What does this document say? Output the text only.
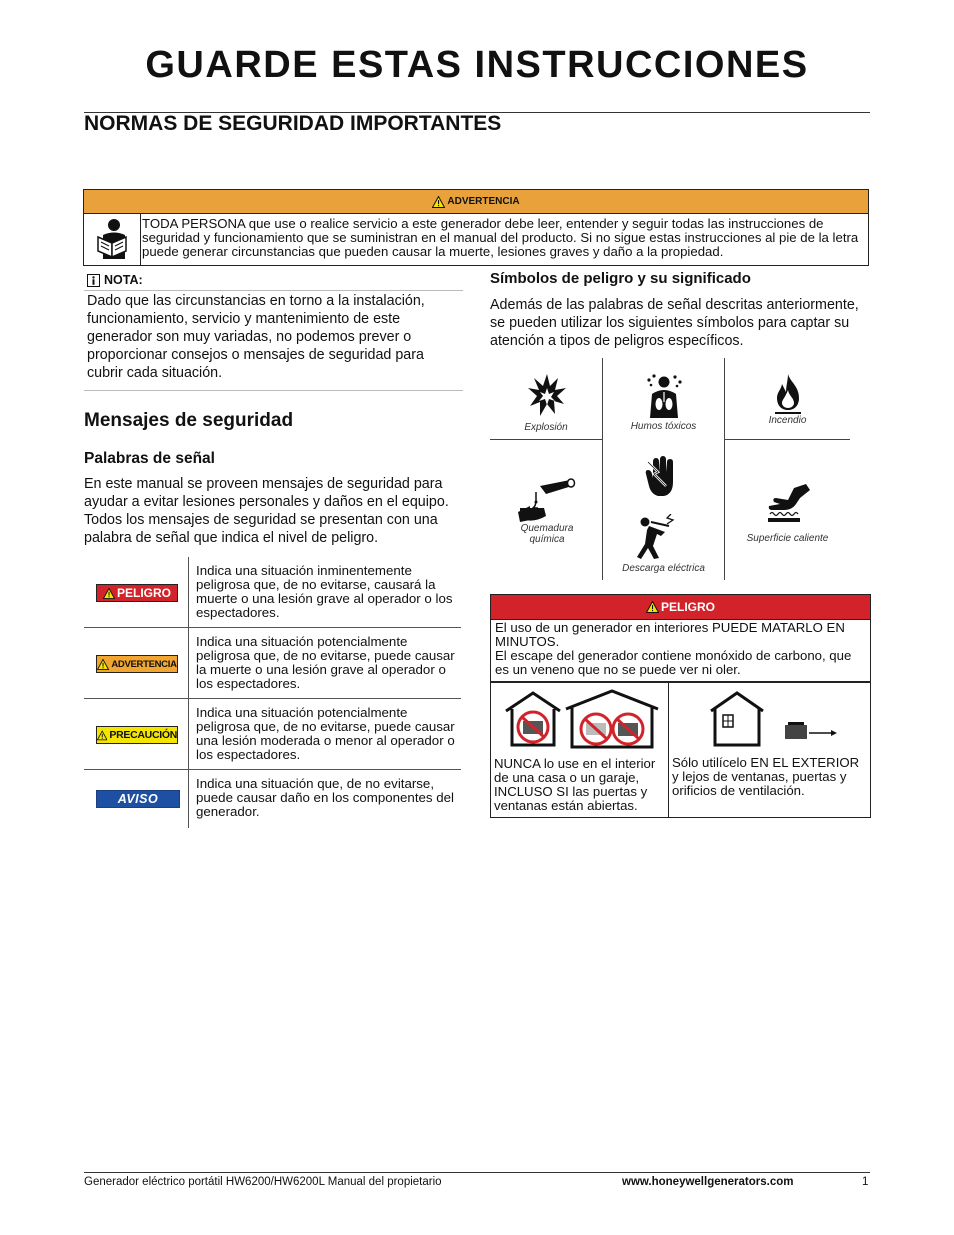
GUARDE ESTAS INSTRUCCIONES
NORMAS DE SEGURIDAD IMPORTANTES
ADVERTENCIA
TODA PERSONA que use o realice servicio a este generador debe leer, entender y seguir todas las instrucciones de seguridad y funcionamiento que se suministran en el manual del producto. Si no sigue estas instrucciones al pie de la letra puede generar circunstancias que pueden causar la muerte, lesiones graves y daño a la propiedad.
NOTA:
Dado que las circunstancias en torno a la instalación, funcionamiento, servicio y mantenimiento de este generador son muy variadas, no podemos prever o proporcionar consejos o mensajes de seguridad para cubrir cada situación.
Mensajes de seguridad
Palabras de señal
En este manual se proveen mensajes de seguridad para ayudar a evitar lesiones personales y daños en el equipo. Todos los mensajes de seguridad se presentan con una palabra de señal que indica el nivel de peligro.
PELIGRO
Indica una situación inminentemente peligrosa que, de no evitarse, causará la muerte o una lesión grave al operador o los espectadores.
ADVERTENCIA
Indica una situación potencialmente peligrosa que, de no evitarse, puede causar la muerte o una lesión grave al operador o los espectadores.
PRECAUCIÓN
Indica una situación potencialmente peligrosa que, de no evitarse, puede causar una lesión moderada o menor al operador o los espectadores.
AVISO
Indica una situación que, de no evitarse, puede causar daño en los componentes del generador.
Símbolos de peligro y su significado
Además de las palabras de señal descritas anteriormente, se pueden utilizar los siguientes símbolos para captar su atención a tipos de peligros específicos.
Explosión	Humos tóxicos
Incendio
Quemadura química
Descarga eléctrica
Superficie caliente
PELIGRO
El uso de un generador en interiores PUEDE MATARLO EN MINUTOS.
El escape del generador contiene monóxido de carbono, que es un veneno que no se puede ver ni oler.
NUNCA lo use en el interior de una casa o un garaje, INCLUSO SI las puertas y ventanas están abiertas.
Sólo utilícelo EN EL EXTERIOR y lejos de ventanas, puertas y orificios de ventilación.
Generador eléctrico portátil HW6200/HW6200L Manual del propietario	www.honeywellgenerators.com	1
